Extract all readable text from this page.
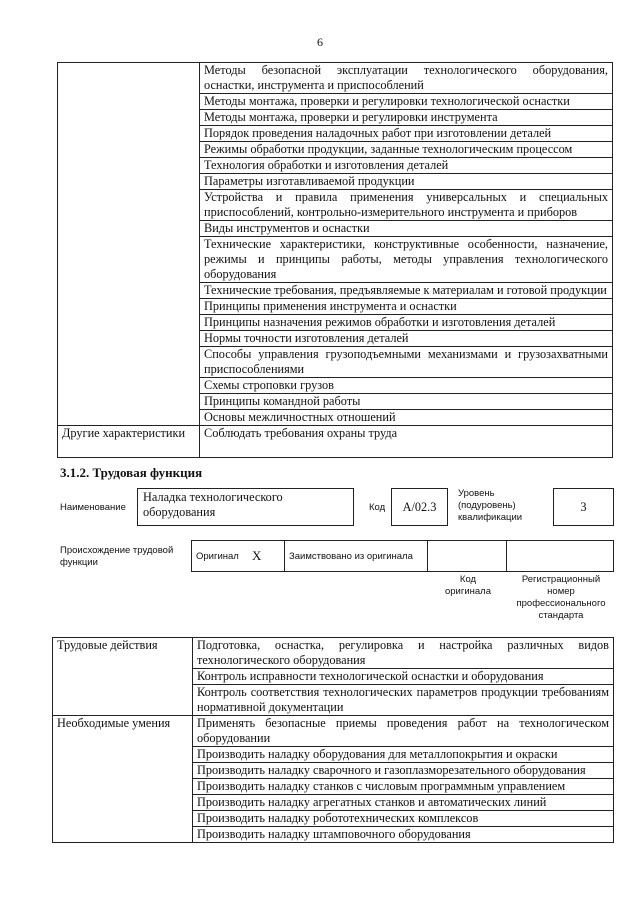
6
	Методы безопасной эксплуатации технологического оборудования, оснастки, инструмента и приспособлений
	Методы монтажа, проверки и регулировки технологической оснастки
	Методы монтажа, проверки и регулировки инструмента
	Порядок проведения наладочных работ при изготовлении деталей
	Режимы обработки продукции, заданные технологическим процессом
	Технология обработки и изготовления деталей
	Параметры изготавливаемой продукции
	Устройства и правила применения универсальных и специальных приспособлений, контрольно-измерительного инструмента и приборов
	Виды инструментов и оснастки
	Технические характеристики, конструктивные особенности, назначение, режимы и принципы работы, методы управления технологического оборудования
	Технические требования, предъявляемые к материалам и готовой продукции
	Принципы применения инструмента и оснастки
	Принципы назначения режимов обработки и изготовления деталей
	Нормы точности изготовления деталей
	Способы управления грузоподъемными механизмами и грузозахватными приспособлениями
	Схемы строповки грузов
	Принципы командной работы
	Основы межличностных отношений
Другие характеристики	Соблюдать требования охраны труда
3.1.2. Трудовая функция
Наименование
Наладка технологического оборудования	Код	А/02.3
Уровень (подуровень) квалификации
3
Происхождение трудовой функции
Оригинал X	Заимствовано из оригинала
Код оригинала
Регистрационный номер профессионального стандарта
Трудовые действия	Подготовка, оснастка, регулировка и настройка различных видов технологического оборудования
	Контроль исправности технологической оснастки и оборудования
	Контроль соответствия технологических параметров продукции требованиям нормативной документации
Необходимые умения	Применять безопасные приемы проведения работ на технологическом оборудовании
	Производить наладку оборудования для металлопокрытия и окраски
	Производить наладку сварочного и газоплазморезательного оборудования
	Производить наладку станков с числовым программным управлением
	Производить наладку агрегатных станков и автоматических линий
	Производить наладку робототехнических комплексов
	Производить наладку штамповочного оборудования
